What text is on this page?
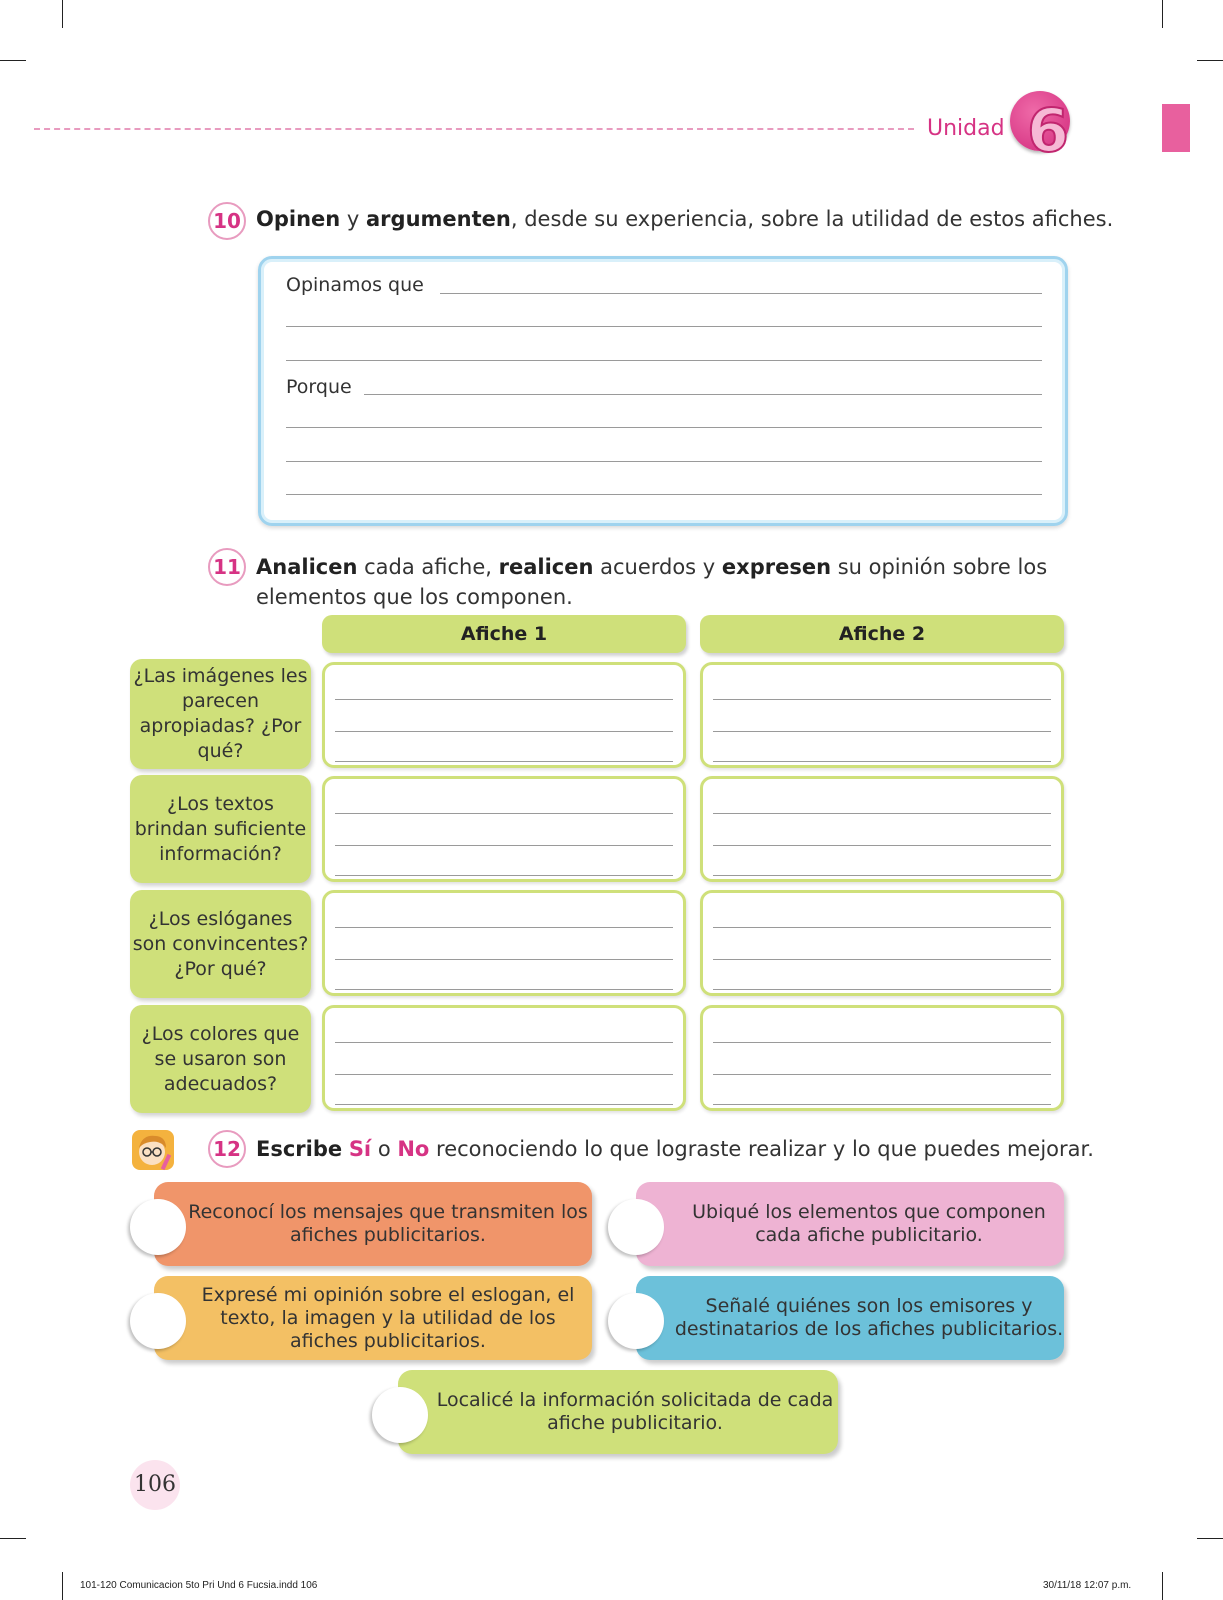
Unidad 6
10 Opinen y argumenten, desde su experiencia, sobre la utilidad de estos afiches.
Opinamos que
Porque
11 Analicen cada afiche, realicen acuerdos y expresen su opinión sobre los
elementos que los componen.
Afiche 1	Afiche 2
¿Las imágenes les parecen apropiadas? ¿Por qué?
¿Los textos brindan suficiente información?
¿Los eslóganes son convincentes? ¿Por qué?
¿Los colores que se usaron son adecuados?
12 Escribe Sí o No reconociendo lo que lograste realizar y lo que puedes mejorar.
Reconocí los mensajes que transmiten los afiches publicitarios.
Ubiqué los elementos que componen cada afiche publicitario.
Expresé mi opinión sobre el eslogan, el texto, la imagen y la utilidad de los afiches publicitarios.
Señalé quiénes son los emisores y destinatarios de los afiches publicitarios.
Localicé la información solicitada de cada afiche publicitario.
106
101-120 Comunicacion 5to Pri Und 6 Fucsia.indd 106	30/11/18 12:07 p.m.
